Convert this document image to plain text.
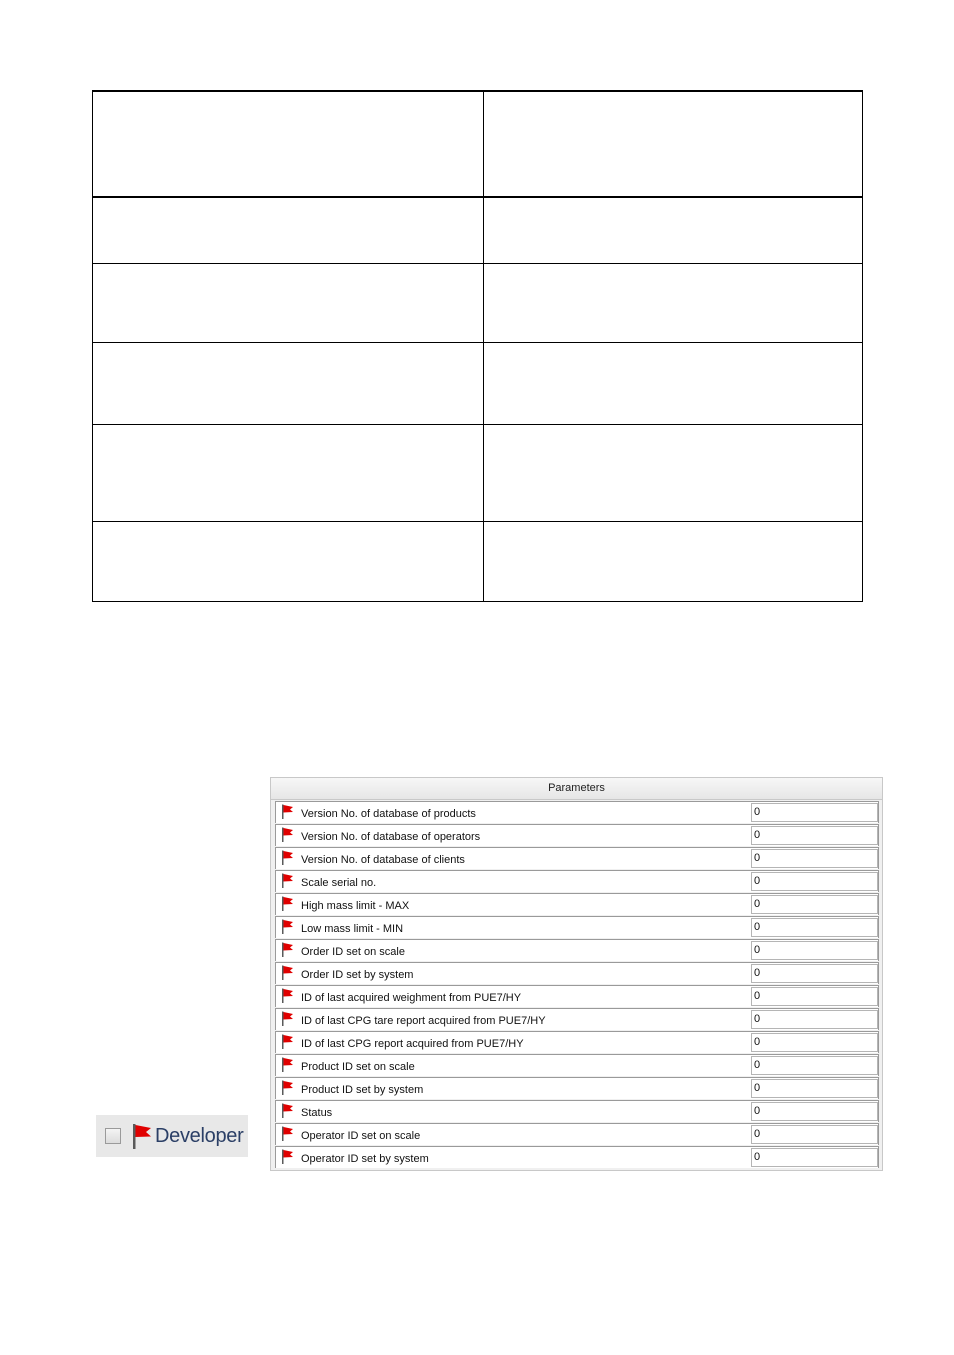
Developer
Parameters
Version No. of database of products	0
Version No. of database of operators	0
Version No. of database of clients	0
Scale serial no.	0
High mass limit - MAX	0
Low mass limit - MIN	0
Order ID set on scale	0
Order ID set by system	0
ID of last acquired weighment from PUE7/HY	0
ID of last CPG tare report acquired from PUE7/HY	0
ID of last CPG report acquired from PUE7/HY	0
Product ID set on scale	0
Product ID set by system	0
Status	0
Operator ID set on scale	0
Operator ID set by system	0
